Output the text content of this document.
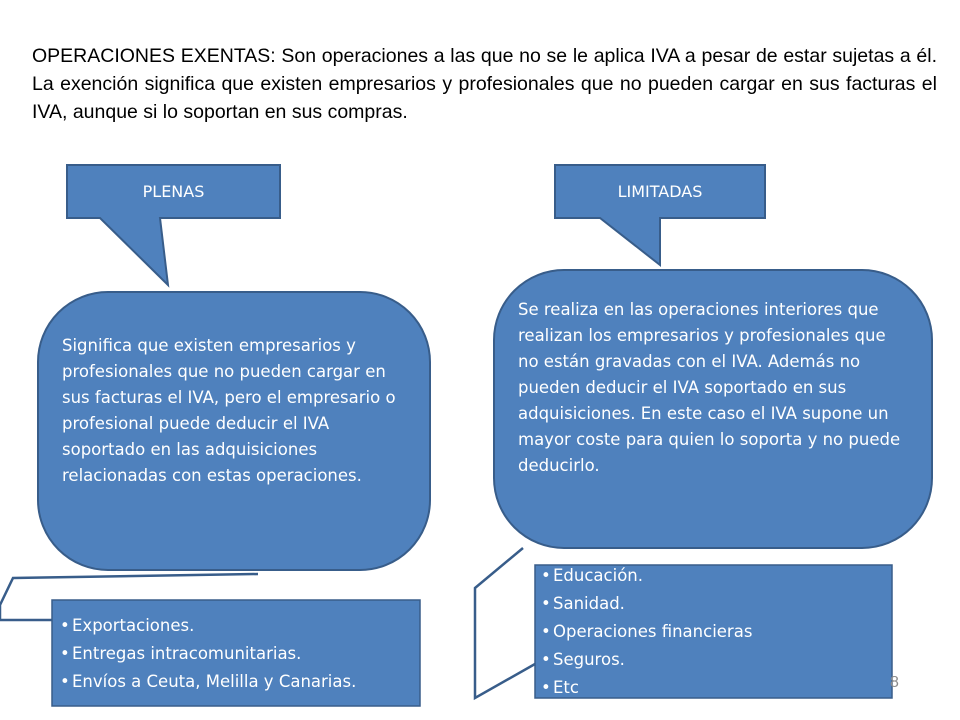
OPERACIONES EXENTAS: Son operaciones a las que no se le aplica IVA a pesar de estar sujetas a él. La exención significa que existen empresarios y profesionales que no pueden cargar en sus facturas el IVA, aunque si lo soportan en sus compras.

PLENAS	LIMITADAS
Significa que existen empresarios y profesionales que no pueden cargar en sus facturas el IVA, pero el empresario o profesional puede deducir el IVA soportado en las adquisiciones relacionadas con estas operaciones.
Se realiza en las operaciones interiores que realizan los empresarios y profesionales que no están gravadas con el IVA. Además no pueden deducir el IVA soportado en sus adquisiciones. En este caso el IVA supone un mayor coste para quien lo soporta y no puede deducirlo.
• Exportaciones.
• Entregas intracomunitarias.
• Envíos a Ceuta, Melilla y Canarias.
• Educación.
• Sanidad.
• Operaciones financieras
• Seguros.
• Etc	8
